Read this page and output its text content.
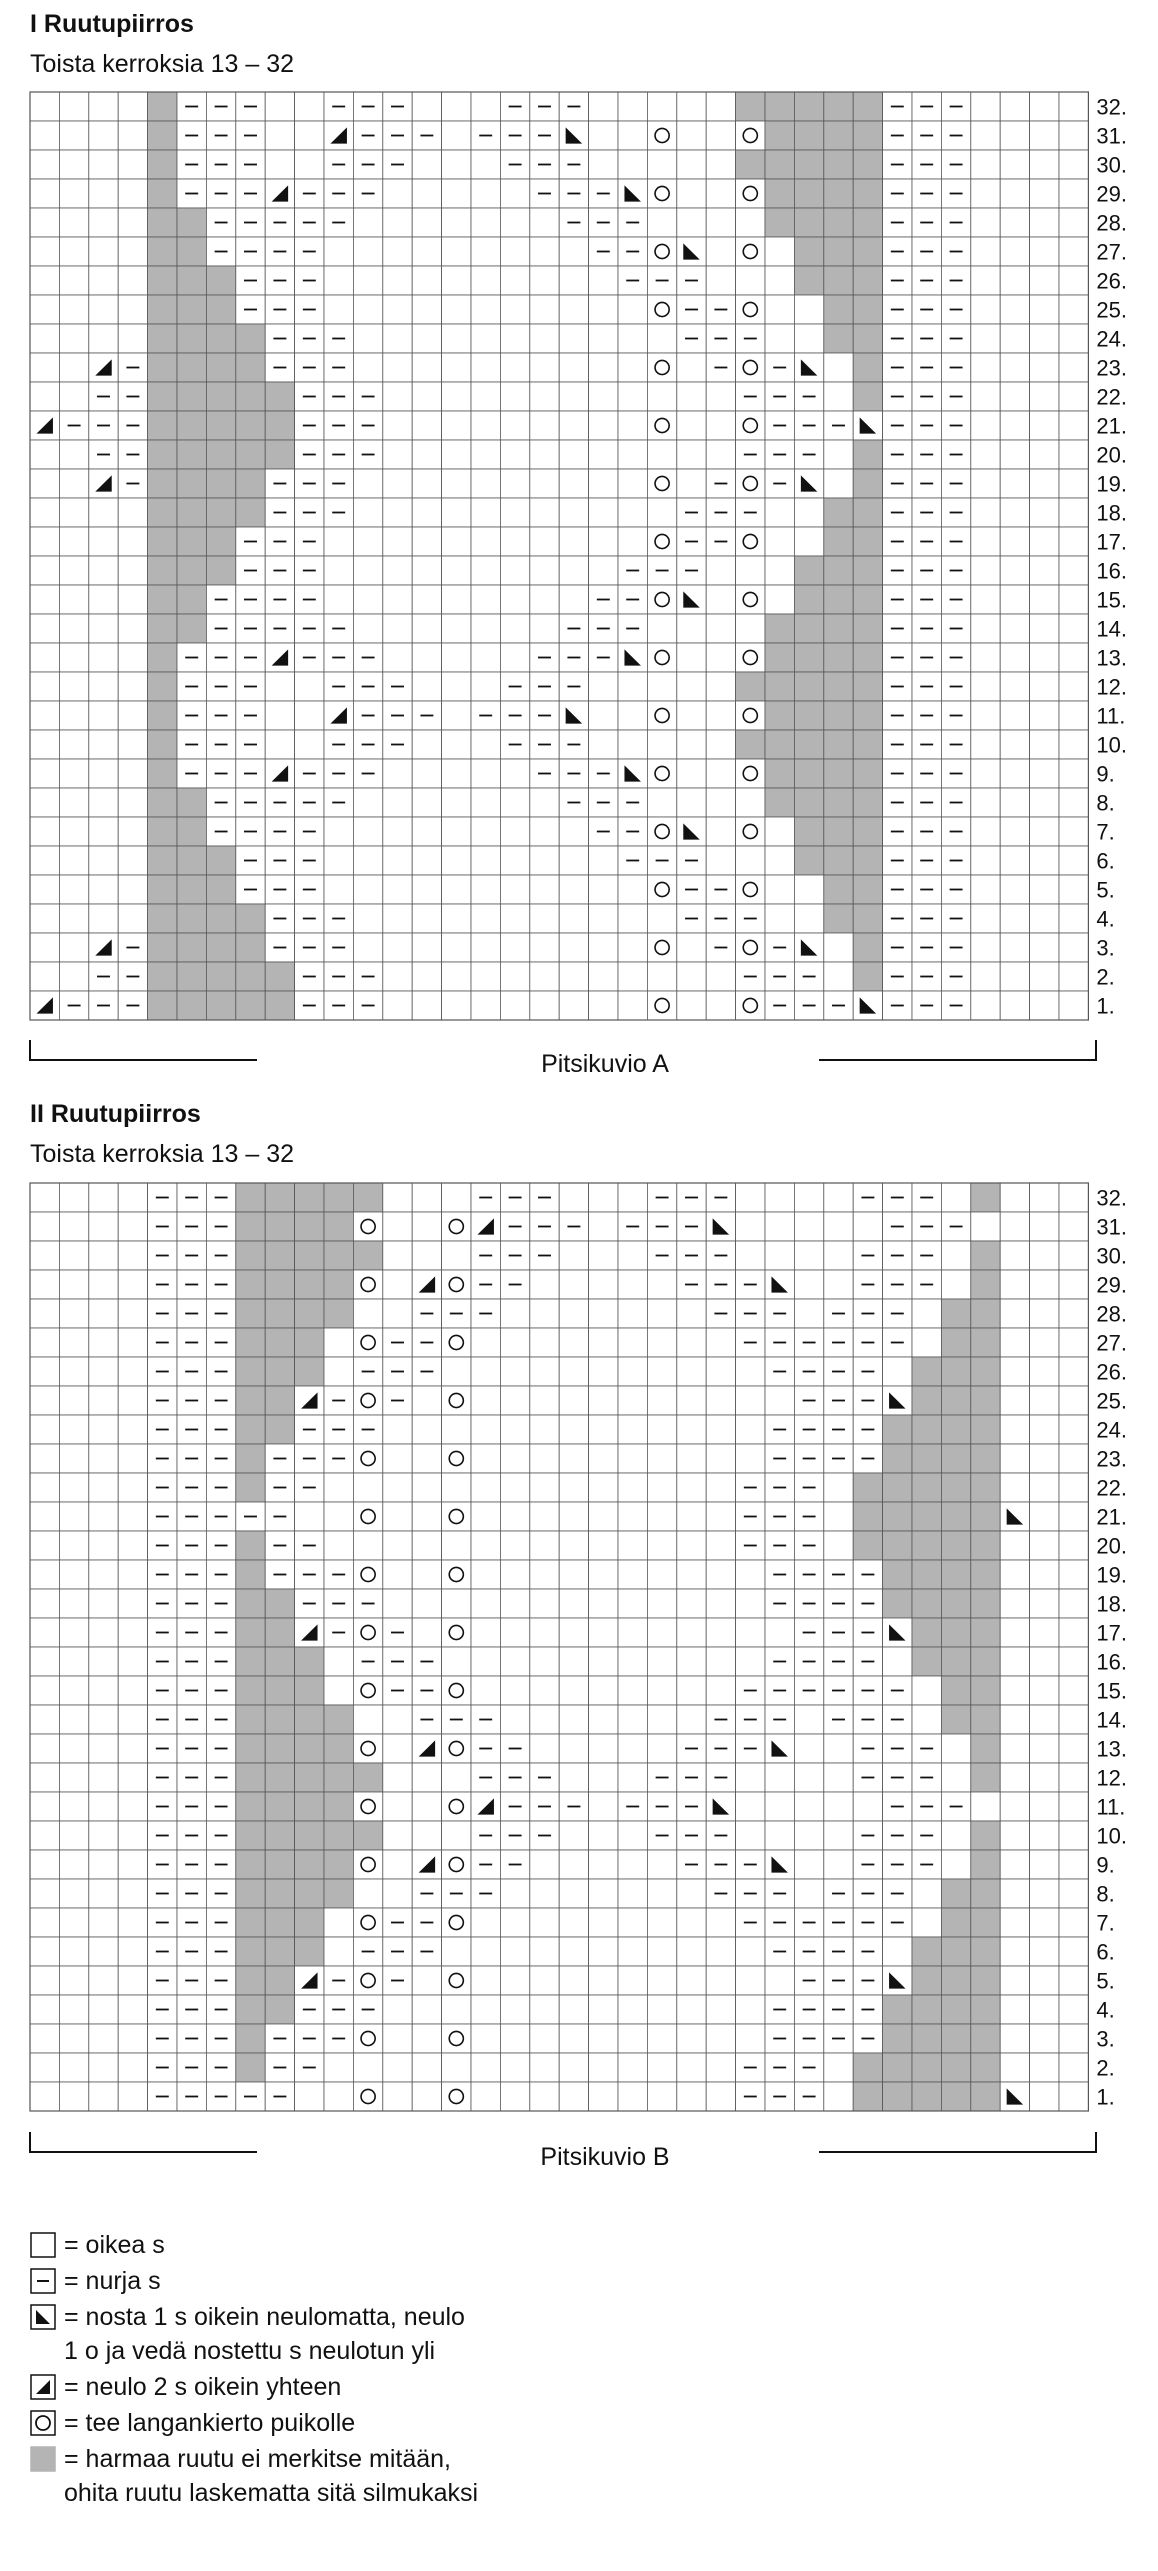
I Ruutupiirros
Toista kerroksia 13 – 32
32.
31.
30.
29.
28.
27.
26.
25.
24.
23.
22.
21.
20.
19.
18.
17.
16.
15.
14.
13.
12.
11.
10.
9.
8.
7.
6.
5.
4.
3.
2.
1.
Pitsikuvio A
II Ruutupiirros
Toista kerroksia 13 – 32
32.
31.
30.
29.
28.
27.
26.
25.
24.
23.
22.
21.
20.
19.
18.
17.
16.
15.
14.
13.
12.
11.
10.
9.
8.
7.
6.
5.
4.
3.
2.
1.
Pitsikuvio B
= oikea s
= nurja s
= nosta 1 s oikein neulomatta, neulo
1 o ja vedä nostettu s neulotun yli
= neulo 2 s oikein yhteen
= tee langankierto puikolle
= harmaa ruutu ei merkitse mitään,
ohita ruutu laskematta sitä silmukaksi
